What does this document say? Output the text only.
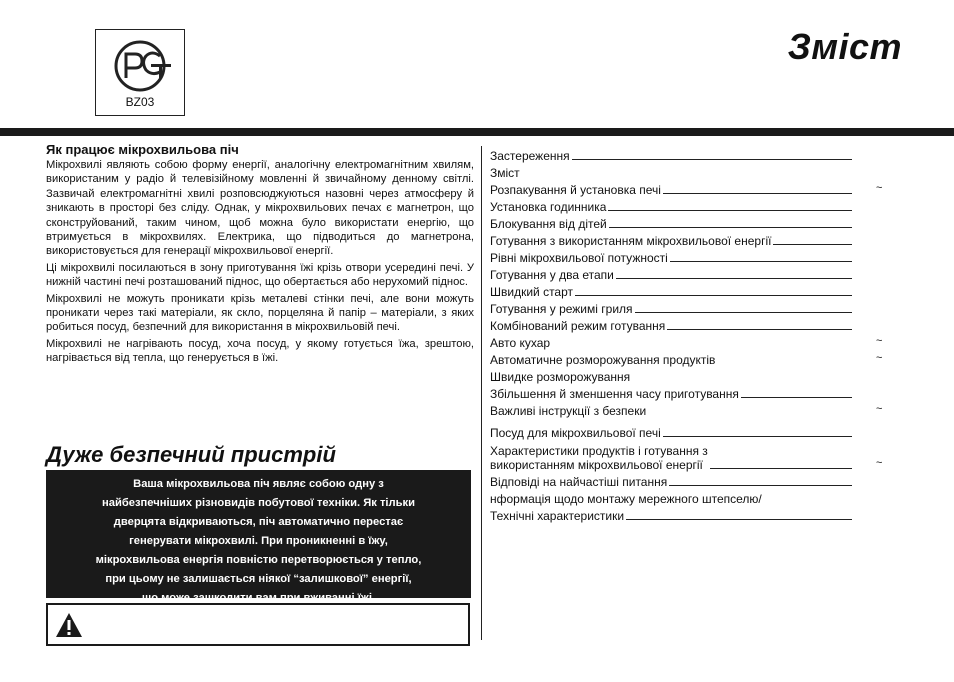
BZ03
Зміст
Як працює мікрохвильова піч

Мікрохвилі являють собою форму енергії, аналогічну електромагнітним хвилям, використаним у радіо й телевізійному мовленні й звичайному денному світлі. Зазвичай електромагнітні хвилі розповсюджуються назовні через атмосферу й зникають в просторі без сліду. Однак, у мікрохвильових печах є магнетрон, що сконструйований, таким чином, щоб можна було використати енергію, що втримується в мікрохвилях. Електрика, що підводиться до магнетрона, використовується для генерації мікрохвильової енергії.

Ці мікрохвилі посилаються в зону приготування їжі крізь отвори усередині печі. У нижній частині печі розташований піднос, що обертається або нерухомий піднос.

Мікрохвилі не можуть проникати крізь металеві стінки печі, але вони можуть проникати через такі матеріали, як скло, порцеляна й папір – матеріали, з яких робиться посуд, безпечний для використання в мікрохвильовій печі.

Мікрохвилі не нагрівають посуд, хоча посуд, у якому готується їжа, зрештою, нагрівається від тепла, що генерується в їжі.

Дуже безпечний пристрій
Ваша мікрохвильова піч являє собою одну з
найбезпечніших різновидів побутової техніки. Як тільки
дверцята відкриваються, піч автоматично перестає
генерувати мікрохвилі. При проникненні в їжу,
мікрохвильова енергія повністю перетворюється у тепло,
при цьому не залишається ніякої “залишкової” енергії,
що може зашкодити вам при вживанні їжі.
Застереження
Зміст
Розпакування й установка печі	~
Установка годинника
Блокування від дітей
Готування з використанням мікрохвильової енергії
Рівні мікрохвильової потужності
Готування у два етапи
Швидкий старт
Готування у режимі гриля
Комбінований режим готування
Авто кухар	~
Автоматичне розморожування продуктів	~
Швидке розморожування
Збільшення й зменшення часу приготування
Важливі інструкції з безпеки	~
Посуд для мікрохвильової печі
Характеристики продуктів і готування з
використанням мікрохвильової енергії	~
Відповіді на найчастіші питання
нформація щодо монтажу мережного штепселю/
Технічні характеристики
